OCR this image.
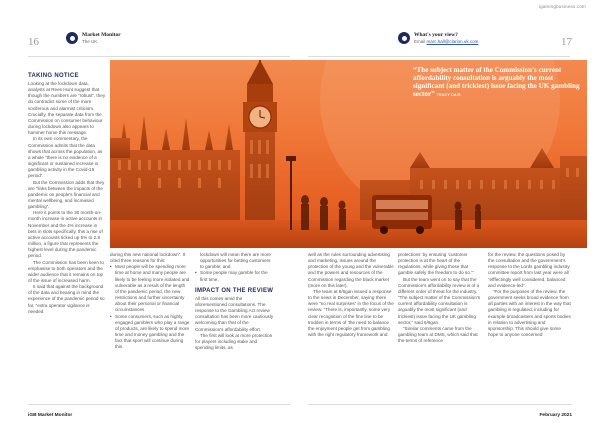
igamingbusiness.com
16
Market Monitor
The UK
What's your view?
Email marc.hall@clarion.uk.com	17
“The subject matter of the Commission's current affordability consultation is arguably the most significant (and trickiest) issue facing the UK gambling sector” TRACY DAIS
TAKING NOTICE

Looking at the lockdown data, analysts at Rees Hunt suggest that though the numbers are “robust”, they do contradict some of the more vociferous and alarmist criticism. Crucially, the separate data from the Commission on consumer behaviour during lockdown also appears to hammer home this message.

In its own commentary, the Commission admits that the data shows that across the population, as a whole “there is no evidence of a significant or sustained increase in gambling activity in the Covid-19 period”.

But the Commission adds that they are “links between the impacts of the pandemic on people's financial and mental wellbeing, and increased gambling”.

Here it points to the 30 month-on-month increase in active accounts in November and the 4% increase in bets in slots specifically, this a rise of active accounts ticked up 5% to 2.8 million, a figure that represents the highest level during the pandemic period.

The Commission has been keen to emphasise to both operators and the wider audience that it remains on top of the issue of increased harm.

It said that against the background of the data and bearing in mind the experience of the pandemic period so far, “extra operator vigilance is needed

during this new national lockdown”. It cited three reasons for this:

• Most people will be spending more time at home and many people are likely to be feeling more isolated and vulnerable as a result of the length of the pandemic period, the new restrictions and further uncertainty about their personal or financial circumstances
• Some consumers, such as highly engaged gamblers who play a range of products, are likely to spend more time and money gambling and the fact that sport will continue during this

lockdown will mean there are more opportunities for betting customers to gamble; and

• Some people may gamble for the first time.
IMPACT ON THE REVIEW

All this comes amid the aforementioned consultations. The response to the Gambling Act review consultation has been more cautiously welcoming than that of the Commission's affordability effort.

The first will look at more protection for players including stake and spending limits, as

well as the rules surrounding advertising and marketing, issues around the protection of the young and the vulnerable and the powers and resources of the Commission regarding the black market (more on this later).

The team at 6/6gan issued a response to the news in December, saying there were “no real surprises” in the focus of the review. “There is, importantly, some very clear recognition of the fine line to be trodden in terms of ‘the need to balance the enjoyment people get from gambling with the right regulatory framework and

protections’ by ensuring ‘customer protection is at the heart of the regulations, while giving those that gamble safely the freedom to do so.’”

But the team went on to say that the Commission's affordability review is of a different order of threat for the industry. “The subject matter of the Commission's current affordability consultation is arguably the most significant (and trickiest) issue facing the UK gambling sector,” said 6/6gan.

“Similar comments came from the gambling team at DMS, which said that the terms of reference

for the review, the questions posed by the consultation and the government's response to the Lords gambling industry committee report from last year were all “efffectingly well considered, balanced and evidence-led”.

“For the purposes of the review, the government seeks broad evidence from all parties with an interest in the way that gambling is regulated, including for example broadcasters and sports bodies in relation to advertising and sponsorship. This should give some hope to anyone concerned

iGB Market Monitor	February 2021
